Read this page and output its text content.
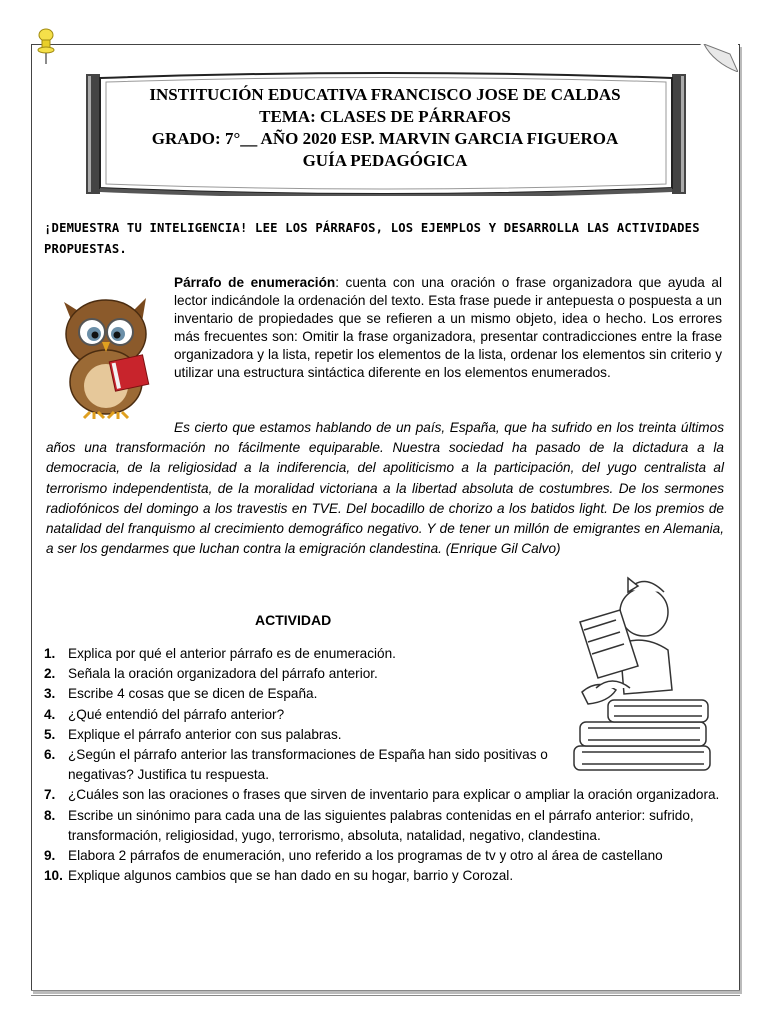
INSTITUCIÓN EDUCATIVA FRANCISCO JOSE DE CALDAS
TEMA: CLASES DE PÁRRAFOS
GRADO: 7°__ AÑO 2020 ESP. MARVIN GARCIA FIGUEROA
GUÍA PEDAGÓGICA
¡DEMUESTRA TU INTELIGENCIA! LEE LOS PÁRRAFOS, LOS EJEMPLOS Y DESARROLLA LAS ACTIVIDADES PROPUESTAS.
Párrafo de enumeración: cuenta con una oración o frase organizadora que ayuda al lector indicándole la ordenación del texto. Esta frase puede ir antepuesta o pospuesta a un inventario de propiedades que se refieren a un mismo objeto, idea o hecho. Los errores más frecuentes son: Omitir la frase organizadora, presentar contradicciones entre la frase organizadora y la lista, repetir los elementos de la lista, ordenar los elementos sin criterio y utilizar una estructura sintáctica diferente en los elementos enumerados.
Es cierto que estamos hablando de un país, España, que ha sufrido en los treinta últimos años una transformación no fácilmente equiparable. Nuestra sociedad ha pasado de la dictadura a la democracia, de la religiosidad a la indiferencia, del apoliticismo a la participación, del yugo centralista al terrorismo independentista, de la moralidad victoriana a la libertad absoluta de costumbres. De los sermones radiofónicos del domingo a los travestis en TVE. Del bocadillo de chorizo a los batidos light. De los premios de natalidad del franquismo al crecimiento demográfico negativo. Y de tener un millón de emigrantes en Alemania, a ser los gendarmes que luchan contra la emigración clandestina. (Enrique Gil Calvo)
ACTIVIDAD
1. Explica por qué el anterior párrafo es de enumeración.
2. Señala la oración organizadora del párrafo anterior.
3. Escribe 4 cosas que se dicen de España.
4. ¿Qué entendió del párrafo anterior?
5. Explique el párrafo anterior con sus palabras.
6. ¿Según el párrafo anterior las transformaciones de España han sido positivas o negativas? Justifica tu respuesta.
7. ¿Cuáles son las oraciones o frases que sirven de inventario para explicar o ampliar la oración organizadora.
8. Escribe un sinónimo para cada una de las siguientes palabras contenidas en el párrafo anterior: sufrido, transformación, religiosidad, yugo, terrorismo, absoluta, natalidad, negativo, clandestina.
9. Elabora 2 párrafos de enumeración, uno referido a los programas de tv y otro al área de castellano
10. Explique algunos cambios que se han dado en su hogar, barrio y Corozal.
